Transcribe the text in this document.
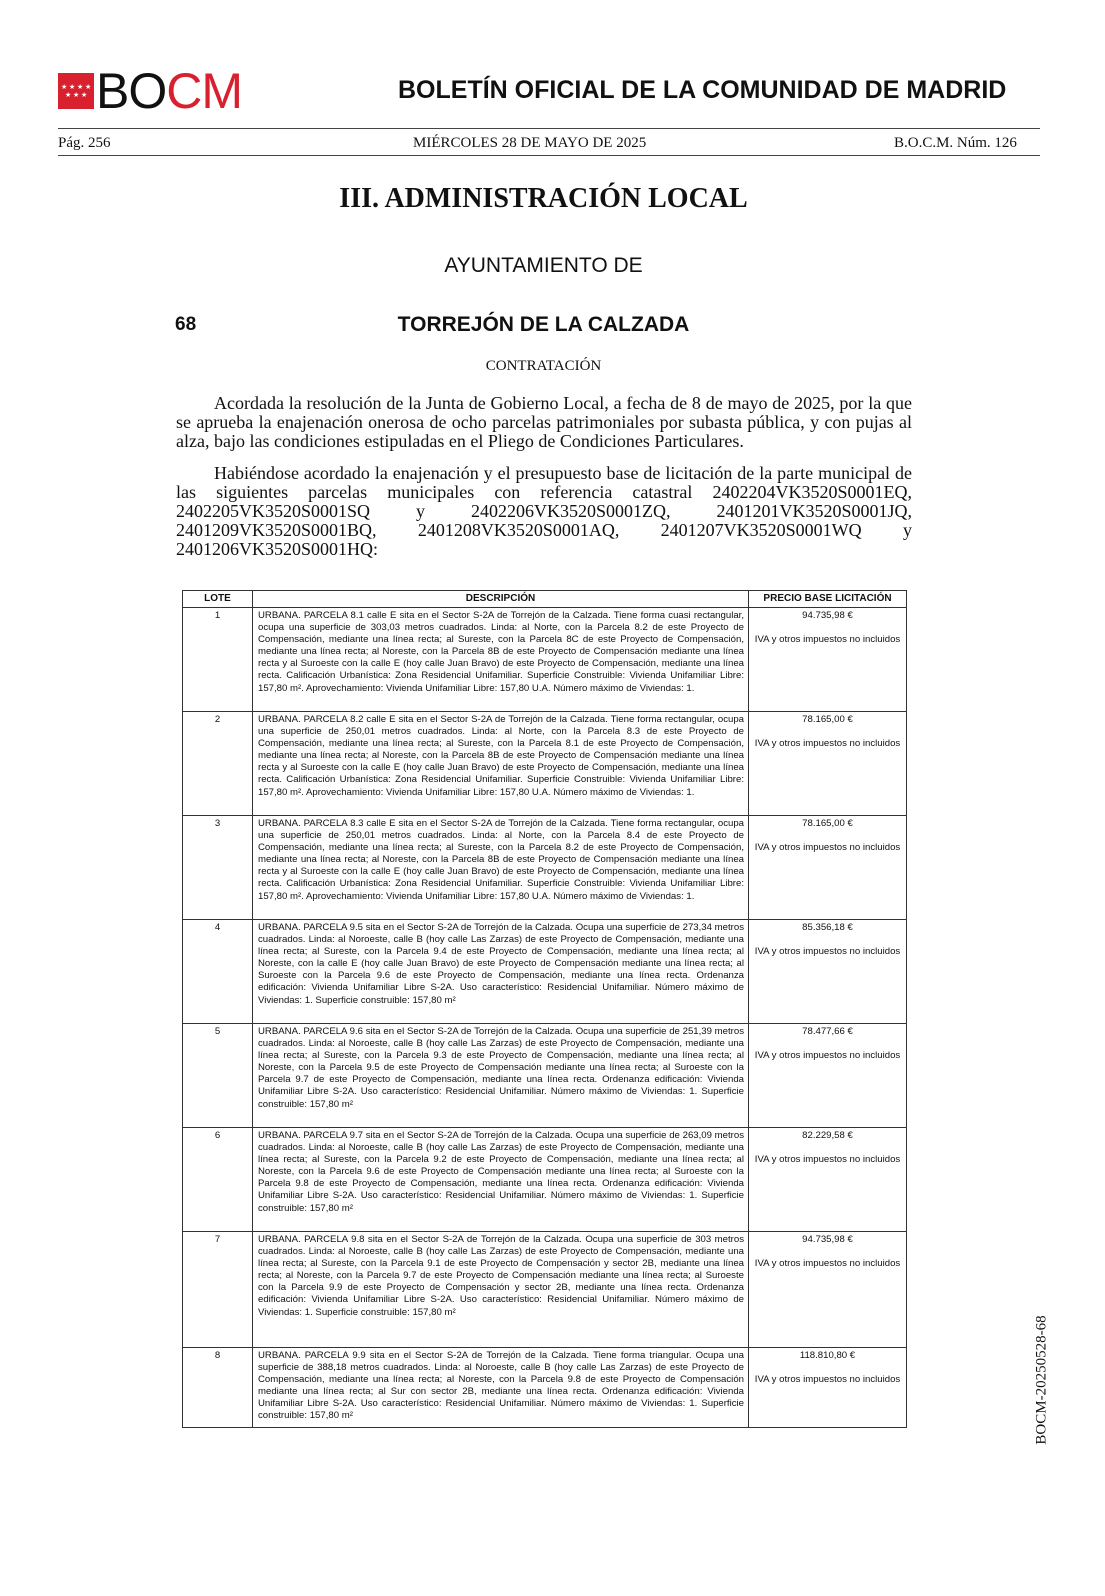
★ ★ ★ ★
★ ★ ★ BOCM	BOLETÍN OFICIAL DE LA COMUNIDAD DE MADRID
Pág. 256	MIÉRCOLES 28 DE MAYO DE 2025	B.O.C.M. Núm. 126
III. ADMINISTRACIÓN LOCAL
AYUNTAMIENTO DE
68	TORREJÓN DE LA CALZADA
CONTRATACIÓN

Acordada la resolución de la Junta de Gobierno Local, a fecha de 8 de mayo de 2025, por la que se aprueba la enajenación onerosa de ocho parcelas patrimoniales por subasta pública, y con pujas al alza, bajo las condiciones estipuladas en el Pliego de Condiciones Particulares.

Habiéndose acordado la enajenación y el presupuesto base de licitación de la parte municipal de las siguientes parcelas municipales con referencia catastral 2402204VK3520S0001EQ, 2402205VK3520S0001SQ y 2402206VK3520S0001ZQ, 2401201VK3520S0001JQ, 2401209VK3520S0001BQ, 2401208VK3520S0001AQ, 2401207VK3520S0001WQ y 2401206VK3520S0001HQ:

LOTE	DESCRIPCIÓN	PRECIO BASE LICITACIÓN
1	URBANA. PARCELA 8.1 calle E sita en el Sector S-2A de Torrejón de la Calzada. Tiene forma cuasi rectangular, ocupa una superficie de 303,03 metros cuadrados. Linda: al Norte, con la Parcela 8.2 de este Proyecto de Compensación, mediante una línea recta; al Sureste, con la Parcela 8C de este Proyecto de Compensación, mediante una línea recta; al Noreste, con la Parcela 8B de este Proyecto de Compensación mediante una línea recta y al Suroeste con la calle E (hoy calle Juan Bravo) de este Proyecto de Compensación, mediante una línea recta. Calificación Urbanística: Zona Residencial Unifamiliar. Superficie Construible: Vivienda Unifamiliar Libre: 157,80 m². Aprovechamiento: Vivienda Unifamiliar Libre: 157,80 U.A. Número máximo de Viviendas: 1.	94.735,98 €
IVA y otros impuestos no incluidos

2	URBANA. PARCELA 8.2 calle E sita en el Sector S-2A de Torrejón de la Calzada. Tiene forma rectangular, ocupa una superficie de 250,01 metros cuadrados. Linda: al Norte, con la Parcela 8.3 de este Proyecto de Compensación, mediante una línea recta; al Sureste, con la Parcela 8.1 de este Proyecto de Compensación, mediante una línea recta; al Noreste, con la Parcela 8B de este Proyecto de Compensación mediante una línea recta y al Suroeste con la calle E (hoy calle Juan Bravo) de este Proyecto de Compensación, mediante una línea recta. Calificación Urbanística: Zona Residencial Unifamiliar. Superficie Construible: Vivienda Unifamiliar Libre: 157,80 m². Aprovechamiento: Vivienda Unifamiliar Libre: 157,80 U.A. Número máximo de Viviendas: 1.	78.165,00 €
IVA y otros impuestos no incluidos

3	URBANA. PARCELA 8.3 calle E sita en el Sector S-2A de Torrejón de la Calzada. Tiene forma rectangular, ocupa una superficie de 250,01 metros cuadrados. Linda: al Norte, con la Parcela 8.4 de este Proyecto de Compensación, mediante una línea recta; al Sureste, con la Parcela 8.2 de este Proyecto de Compensación, mediante una línea recta; al Noreste, con la Parcela 8B de este Proyecto de Compensación mediante una línea recta y al Suroeste con la calle E (hoy calle Juan Bravo) de este Proyecto de Compensación, mediante una línea recta. Calificación Urbanística: Zona Residencial Unifamiliar. Superficie Construible: Vivienda Unifamiliar Libre: 157,80 m². Aprovechamiento: Vivienda Unifamiliar Libre: 157,80 U.A. Número máximo de Viviendas: 1.	78.165,00 €
IVA y otros impuestos no incluidos

4	URBANA. PARCELA 9.5 sita en el Sector S-2A de Torrejón de la Calzada. Ocupa una superficie de 273,34 metros cuadrados. Linda: al Noroeste, calle B (hoy calle Las Zarzas) de este Proyecto de Compensación, mediante una línea recta; al Sureste, con la Parcela 9.4 de este Proyecto de Compensación, mediante una línea recta; al Noreste, con la calle E (hoy calle Juan Bravo) de este Proyecto de Compensación mediante una línea recta; al Suroeste con la Parcela 9.6 de este Proyecto de Compensación, mediante una línea recta. Ordenanza edificación: Vivienda Unifamiliar Libre S-2A. Uso característico: Residencial Unifamiliar. Número máximo de Viviendas: 1. Superficie construible: 157,80 m²	85.356,18 €
IVA y otros impuestos no incluidos

5	URBANA. PARCELA 9.6 sita en el Sector S-2A de Torrejón de la Calzada. Ocupa una superficie de 251,39 metros cuadrados. Linda: al Noroeste, calle B (hoy calle Las Zarzas) de este Proyecto de Compensación, mediante una línea recta; al Sureste, con la Parcela 9.3 de este Proyecto de Compensación, mediante una línea recta; al Noreste, con la Parcela 9.5 de este Proyecto de Compensación mediante una línea recta; al Suroeste con la Parcela 9.7 de este Proyecto de Compensación, mediante una línea recta. Ordenanza edificación: Vivienda Unifamiliar Libre S-2A. Uso característico: Residencial Unifamiliar. Número máximo de Viviendas: 1. Superficie construible: 157,80 m²	78.477,66 €
IVA y otros impuestos no incluidos

6	URBANA. PARCELA 9.7 sita en el Sector S-2A de Torrejón de la Calzada. Ocupa una superficie de 263,09 metros cuadrados. Linda: al Noroeste, calle B (hoy calle Las Zarzas) de este Proyecto de Compensación, mediante una línea recta; al Sureste, con la Parcela 9.2 de este Proyecto de Compensación, mediante una línea recta; al Noreste, con la Parcela 9.6 de este Proyecto de Compensación mediante una línea recta; al Suroeste con la Parcela 9.8 de este Proyecto de Compensación, mediante una línea recta. Ordenanza edificación: Vivienda Unifamiliar Libre S-2A. Uso característico: Residencial Unifamiliar. Número máximo de Viviendas: 1. Superficie construible: 157,80 m²	82.229,58 €
IVA y otros impuestos no incluidos

7	URBANA. PARCELA 9.8 sita en el Sector S-2A de Torrejón de la Calzada. Ocupa una superficie de 303 metros cuadrados. Linda: al Noroeste, calle B (hoy calle Las Zarzas) de este Proyecto de Compensación, mediante una línea recta; al Sureste, con la Parcela 9.1 de este Proyecto de Compensación y sector 2B, mediante una línea recta; al Noreste, con la Parcela 9.7 de este Proyecto de Compensación mediante una línea recta; al Suroeste con la Parcela 9.9 de este Proyecto de Compensación y sector 2B, mediante una línea recta. Ordenanza edificación: Vivienda Unifamiliar Libre S-2A. Uso característico: Residencial Unifamiliar. Número máximo de Viviendas: 1. Superficie construible: 157,80 m²	94.735,98 €
IVA y otros impuestos no incluidos

8	URBANA. PARCELA 9.9 sita en el Sector S-2A de Torrejón de la Calzada. Tiene forma triangular. Ocupa una superficie de 388,18 metros cuadrados. Linda: al Noroeste, calle B (hoy calle Las Zarzas) de este Proyecto de Compensación, mediante una línea recta; al Noreste, con la Parcela 9.8 de este Proyecto de Compensación mediante una línea recta; al Sur con sector 2B, mediante una línea recta. Ordenanza edificación: Vivienda Unifamiliar Libre S-2A. Uso característico: Residencial Unifamiliar. Número máximo de Viviendas: 1. Superficie construible: 157,80 m²	118.810,80 €
IVA y otros impuestos no incluidos	BOCM-20250528-68
